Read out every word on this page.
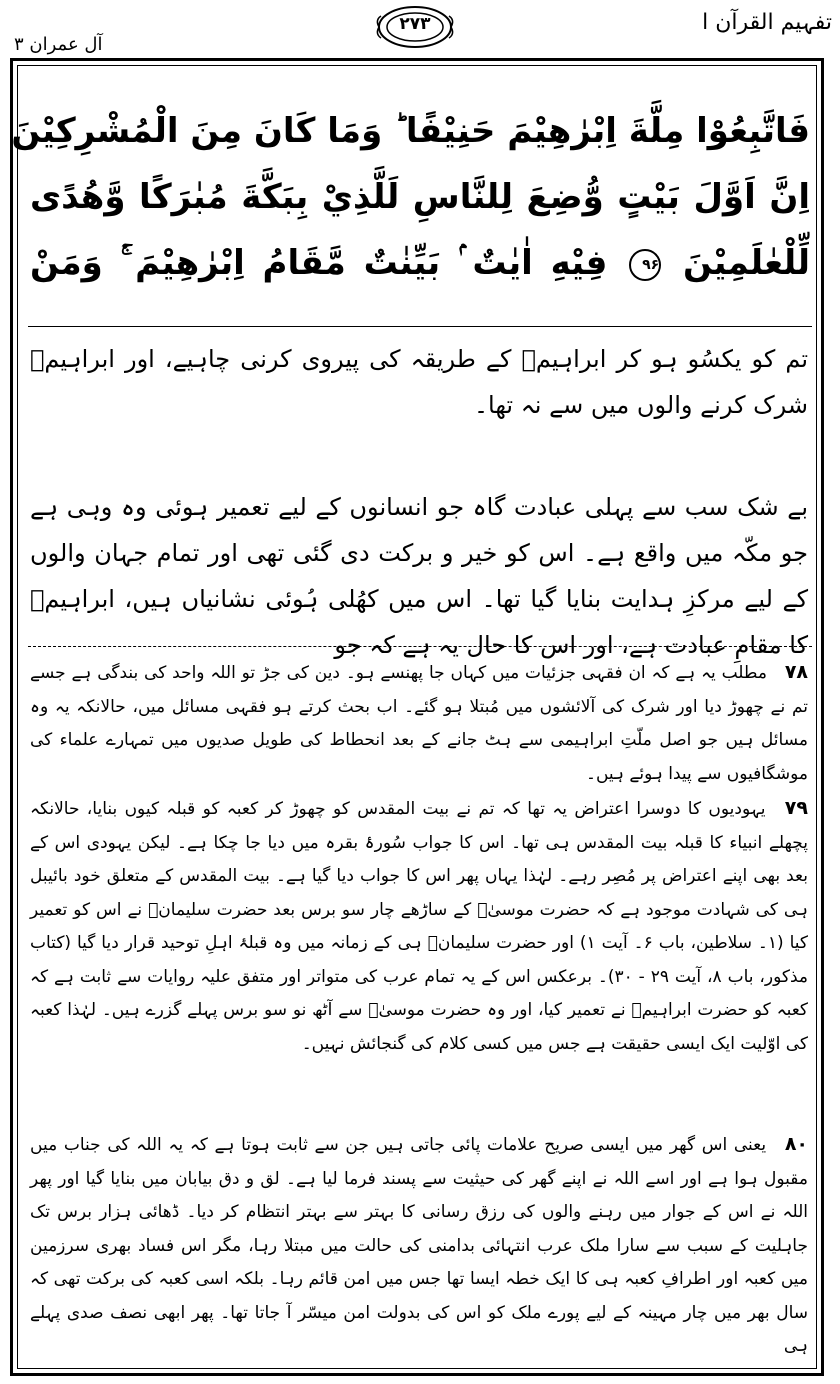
تفہیم القرآن ا
۲۷۳
آل عمران ۳
فَاتَّبِعُوْا مِلَّةَ اِبْرٰهِيْمَ حَنِيْفًا ؕ وَمَا كَانَ مِنَ الْمُشْرِكِيْنَ
اِنَّ اَوَّلَ بَيْتٍ وُّضِعَ لِلنَّاسِ لَلَّذِيْ بِبَكَّةَ مُبٰرَكًا وَّهُدًى
لِّلْعٰلَمِيْنَ ۹۶ فِيْهِ اٰيٰتٌ ۢ بَيِّنٰتٌ مَّقَامُ اِبْرٰهِيْمَ ۚ۬ وَمَنْ
تم کو یکسُو ہو کر ابراہیمؑ کے طریقہ کی پیروی کرنی چاہیے، اور ابراہیمؑ شرک کرنے والوں میں سے نہ تھا۔
بے شک سب سے پہلی عبادت گاہ جو انسانوں کے لیے تعمیر ہوئی وہ وہی ہے جو مکّہ میں واقع ہے۔ اس کو خیر و برکت دی گئی تھی اور تمام جہان والوں کے لیے مرکزِ ہدایت بنایا گیا تھا۔ اس میں کھُلی ہُوئی نشانیاں ہیں، ابراہیمؑ کا مقامِ عبادت ہے، اور اس کا حال یہ ہے کہ جو
۷۸ مطلب یہ ہے کہ ان فقہی جزئیات میں کہاں جا پھنسے ہو۔ دین کی جڑ تو اللہ واحد کی بندگی ہے جسے تم نے چھوڑ دیا اور شرک کی آلائشوں میں مُبتلا ہو گئے۔ اب بحث کرتے ہو فقہی مسائل میں، حالانکہ یہ وہ مسائل ہیں جو اصل ملّتِ ابراہیمی سے ہٹ جانے کے بعد انحطاط کی طویل صدیوں میں تمہارے علماء کی موشگافیوں سے پیدا ہوئے ہیں۔
۷۹ یہودیوں کا دوسرا اعتراض یہ تھا کہ تم نے بیت المقدس کو چھوڑ کر کعبہ کو قبلہ کیوں بنایا، حالانکہ پچھلے انبیاء کا قبلہ بیت المقدس ہی تھا۔ اس کا جواب سُورۂ بقرہ میں دیا جا چکا ہے۔ لیکن یہودی اس کے بعد بھی اپنے اعتراض پر مُصِر رہے۔ لہٰذا یہاں پھر اس کا جواب دیا گیا ہے۔ بیت المقدس کے متعلق خود بائیبل ہی کی شہادت موجود ہے کہ حضرت موسیٰؑ کے ساڑھے چار سو برس بعد حضرت سلیمانؑ نے اس کو تعمیر کیا (۱۔ سلاطین، باب ۶۔ آیت ۱) اور حضرت سلیمانؑ ہی کے زمانہ میں وہ قبلۂ اہلِ توحید قرار دیا گیا (کتاب مذکور، باب ۸، آیت ۲۹ - ۳۰)۔ برعکس اس کے یہ تمام عرب کی متواتر اور متفق علیہ روایات سے ثابت ہے کہ کعبہ کو حضرت ابراہیمؑ نے تعمیر کیا، اور وہ حضرت موسیٰؑ سے آٹھ نو سو برس پہلے گزرے ہیں۔ لہٰذا کعبہ کی اوّلیت ایک ایسی حقیقت ہے جس میں کسی کلام کی گنجائش نہیں۔
۸۰ یعنی اس گھر میں ایسی صریح علامات پائی جاتی ہیں جن سے ثابت ہوتا ہے کہ یہ اللہ کی جناب میں مقبول ہوا ہے اور اسے اللہ نے اپنے گھر کی حیثیت سے پسند فرما لیا ہے۔ لق و دق بیابان میں بنایا گیا اور پھر اللہ نے اس کے جوار میں رہنے والوں کی رزق رسانی کا بہتر سے بہتر انتظام کر دیا۔ ڈھائی ہزار برس تک جاہلیت کے سبب سے سارا ملک عرب انتہائی بدامنی کی حالت میں مبتلا رہا، مگر اس فساد بھری سرزمین میں کعبہ اور اطرافِ کعبہ ہی کا ایک خطہ ایسا تھا جس میں امن قائم رہا۔ بلکہ اسی کعبہ کی برکت تھی کہ سال بھر میں چار مہینہ کے لیے پورے ملک کو اس کی بدولت امن میسّر آ جاتا تھا۔ پھر ابھی نصف صدی پہلے ہی
